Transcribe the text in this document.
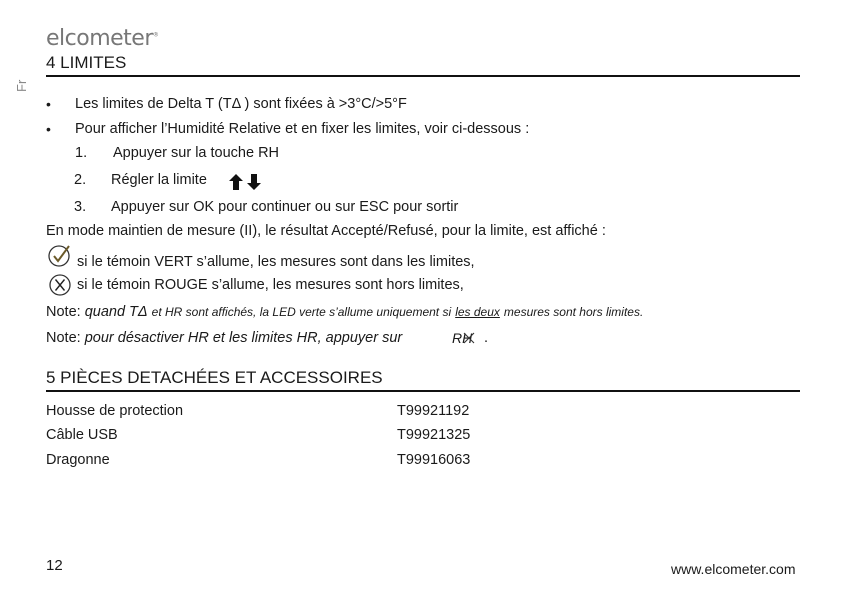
elcometer®
Fr
4 LIMITES
• Les limites de Delta T (TΔ ) sont fixées à >3°C/>5°F
• Pour afficher l’Humidité Relative et en fixer les limites, voir ci-dessous :
1. Appuyer sur la touche RH
2. Régler la limite
3. Appuyer sur OK pour continuer ou sur ESC pour sortir
En mode maintien de mesure (II), le résultat Accepté/Refusé, pour la limite, est affiché :
si le témoin VERT s’allume, les mesures sont dans les limites,
si le témoin ROUGE s’allume, les mesures sont hors limites,
Note: quand TΔ et HR sont affichés, la LED verte s’allume uniquement si les deux mesures sont hors limites.
Note: pour désactiver HR et les limites HR, appuyer sur	RH .
5 PIÈCES DETACHÉES ET ACCESSOIRES
Housse de protection	T99921192
Câble USB	T99921325
Dragonne	T99916063
12	www.elcometer.com
